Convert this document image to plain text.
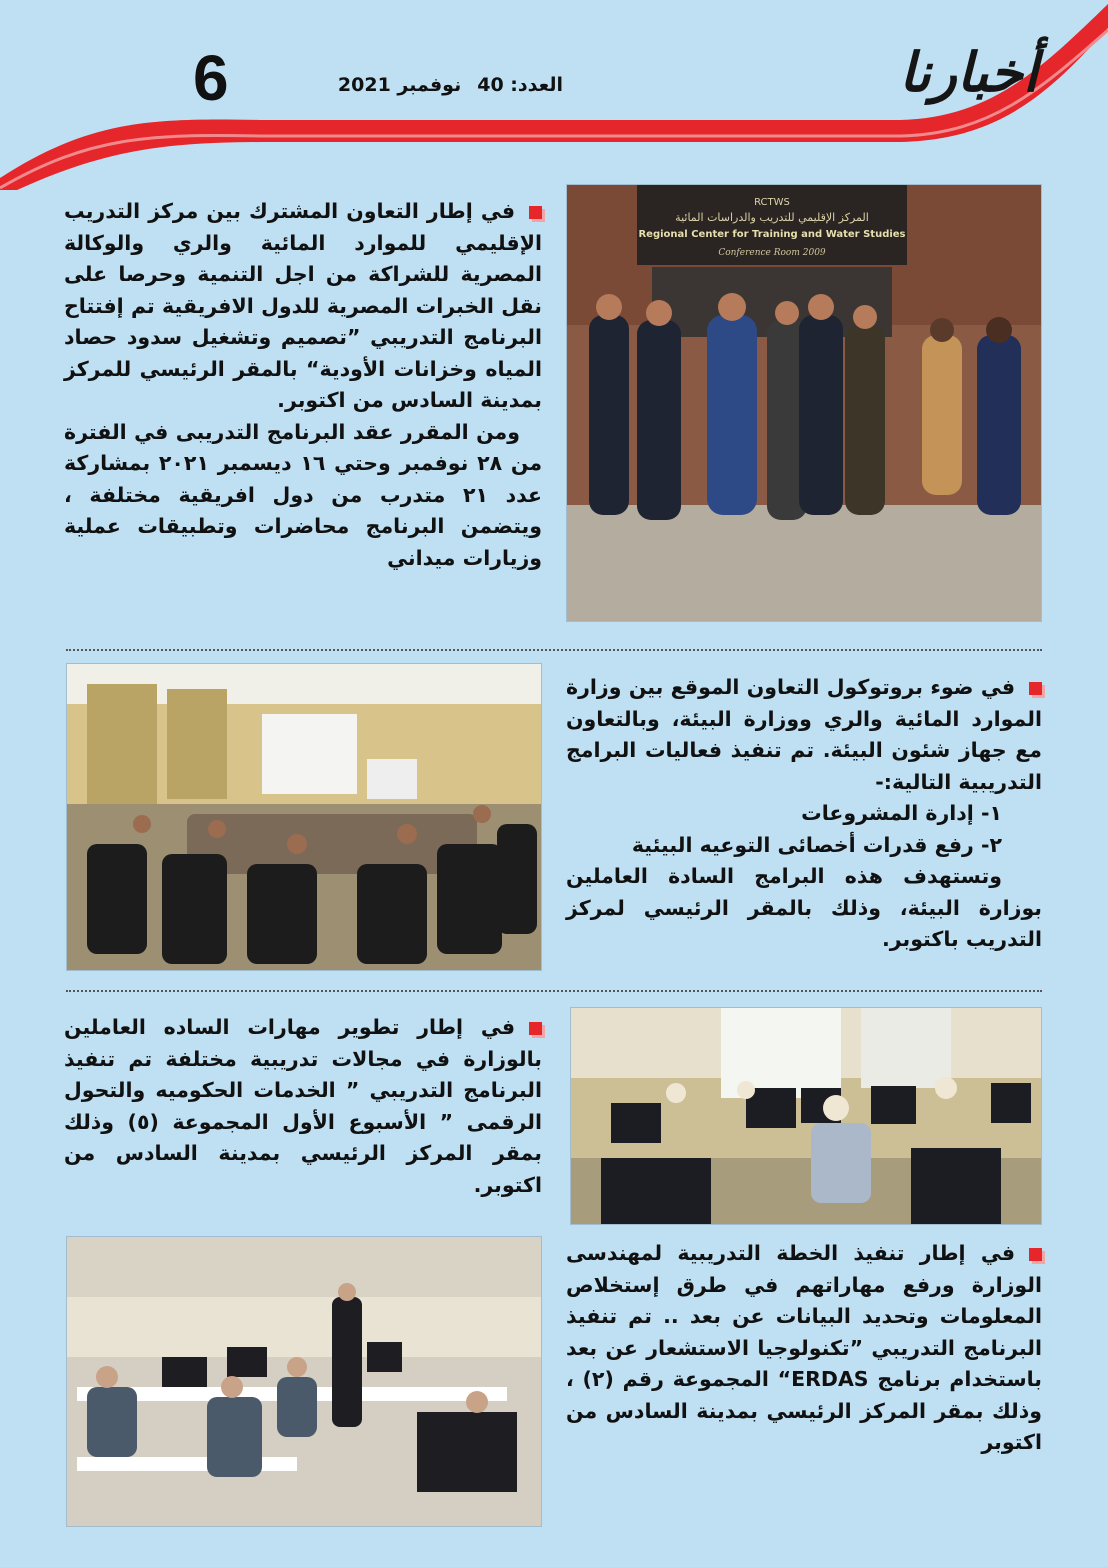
أخبارنا
العدد: 40
نوفمبر 2021
6

في إطار التعاون المشترك بين مركز التدريب الإقليمي للموارد المائية والري والوكالة المصرية للشراكة من اجل التنمية وحرصا على نقل الخبرات المصرية للدول الافريقية تم إفتتاح البرنامج التدريبي ”تصميم وتشغيل سدود حصاد المياه وخزانات الأودية“ بالمقر الرئيسي للمركز بمدينة السادس من اكتوبر.

ومن المقرر عقد البرنامج التدريبى في الفترة من ٢٨ نوفمبر وحتي ١٦ ديسمبر ٢٠٢١ بمشاركة عدد ٢١ متدرب من دول افريقية مختلفة ، ويتضمن البرنامج محاضرات وتطبيقات عملية وزيارات ميداني

RCTWS
المركز الإقليمي للتدريب والدراسات المائية
Regional Center for Training and Water Studies
Conference Room 2009

في ضوء بروتوكول التعاون الموقع بين وزارة الموارد المائية والري ووزارة البيئة، وبالتعاون مع جهاز شئون البيئة. تم تنفيذ فعاليات البرامج التدريبية التالية:-

١- إدارة المشروعات

٢- رفع قدرات أخصائى التوعيه البيئية

وتستهدف هذه البرامج السادة العاملين بوزارة البيئة، وذلك بالمقر الرئيسي لمركز التدريب باكتوبر.

في إطار تطوير مهارات الساده العاملين بالوزارة في مجالات تدريبية مختلفة تم تنفيذ البرنامج التدريبي ” الخدمات الحكوميه والتحول الرقمى ” الأسبوع الأول المجموعة (٥) وذلك بمقر المركز الرئيسي بمدينة السادس من اكتوبر.

في إطار تنفيذ الخطة التدريبية لمهندسى الوزارة ورفع مهاراتهم في طرق إستخلاص المعلومات وتحديد البيانات عن بعد .. تم تنفيذ البرنامج التدريبي ”تكنولوجيا الاستشعار عن بعد باستخدام برنامج ERDAS“ المجموعة رقم (٢) ، وذلك بمقر المركز الرئيسي بمدينة السادس من اكتوبر
